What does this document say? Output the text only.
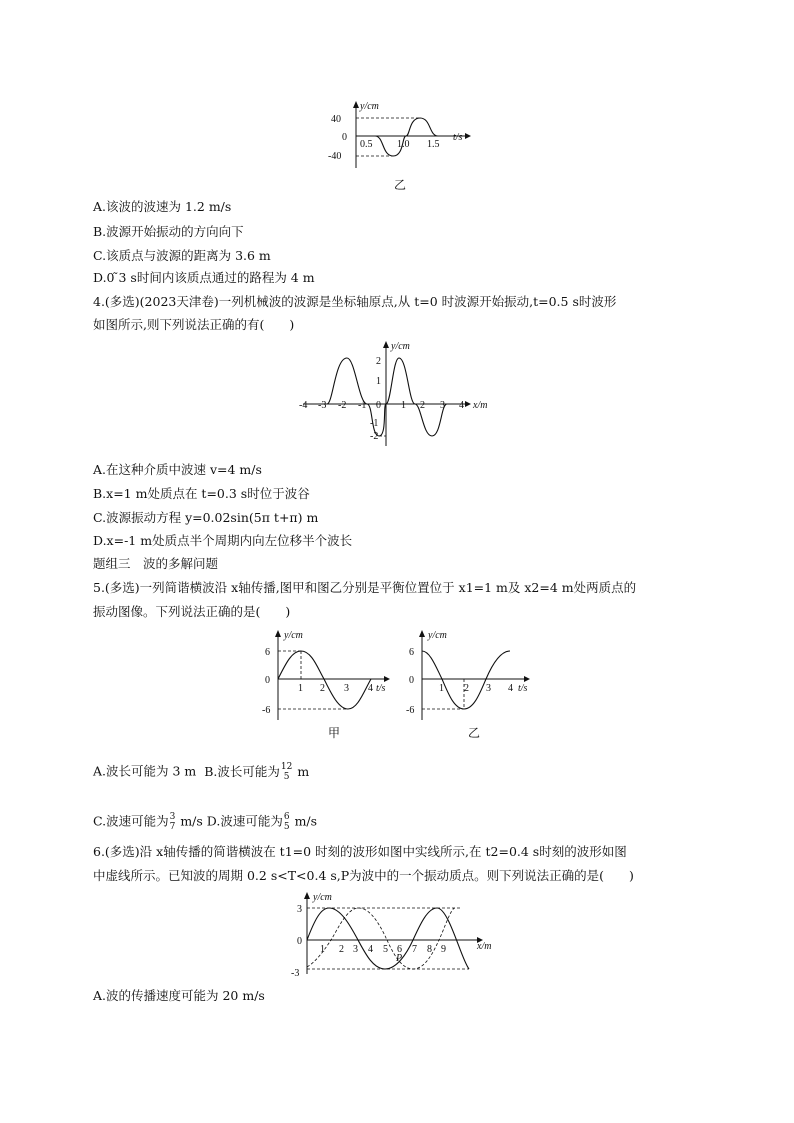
y/cm
t/s
40
0
-40
0.5 1.0 1.5
乙
A.该波的波速为 1.2 m/s
B.波源开始振动的方向向下
C.该质点与波源的距离为 3.6 m
D.0 ̃3 s时间内该质点通过的路程为 4 m
4.(多选)(2023天津卷)一列机械波的波源是坐标轴原点,从 t=0 时波源开始振动,t=0.5 s时波形
如图所示,则下列说法正确的有(　　)
y/cm
x/m
2
1
0
-1
-2
-4 -3 -2 -1	1 2 3 4
A.在这种介质中波速 v=4 m/s
B.x=1 m处质点在 t=0.3 s时位于波谷
C.波源振动方程 y=0.02sin(5π t+π) m
D.x=-1 m处质点半个周期内向左位移半个波长
题组三　波的多解问题
5.(多选)一列简谐横波沿 x轴传播,图甲和图乙分别是平衡位置位于 x1=1 m及 x2=4 m处两质点的
振动图像。下列说法正确的是(　　)
y/cm
t/s
6
0
-6
1 2 3 4
甲
y/cm
t/s
6
0
-6
1 2 3 4
乙
A.波长可能为 3 m B.波长可能为 12
5 m
C.波速可能为 3
7 m/s D.波速可能为 6
5 m/s
6.(多选)沿 x轴传播的简谐横波在 t1=0 时刻的波形如图中实线所示,在 t2=0.4 s时刻的波形如图
中虚线所示。已知波的周期 0.2 s<T<0.4 s,P为波中的一个振动质点。则下列说法正确的是(　　)
y/cm
x/m
3
0
-3
1 2 3 4 5 6 7 8 9
P
A.波的传播速度可能为 20 m/s
